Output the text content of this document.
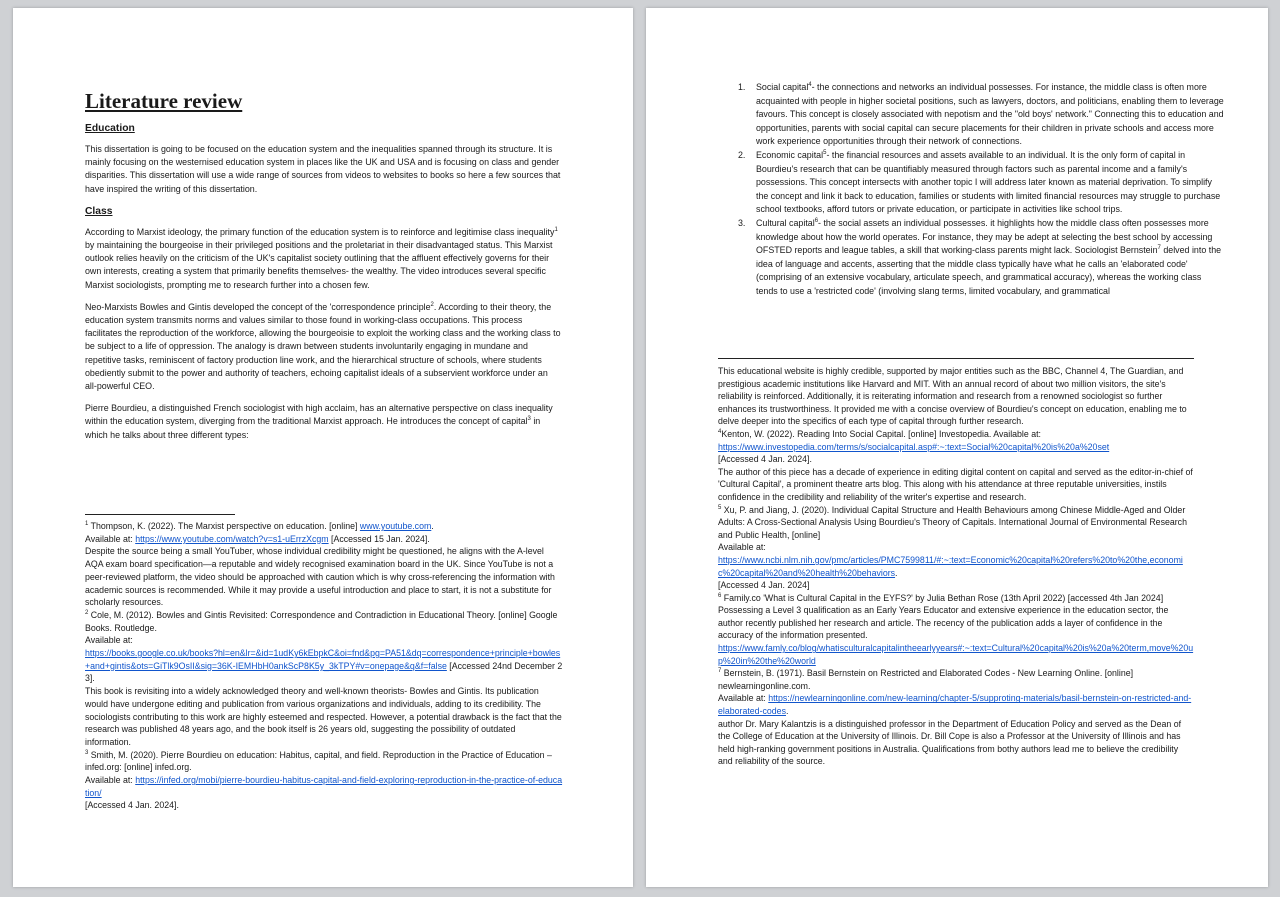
Literature review
Education

This dissertation is going to be focused on the education system and the inequalities spanned through its structure. It is mainly focusing on the westernised education system in places like the UK and USA and is focusing on class and gender disparities. This dissertation will use a wide range of sources from videos to websites to books so here a few sources that have inspired the writing of this dissertation.

Class

According to Marxist ideology, the primary function of the education system is to reinforce and legitimise class inequality$^1$ by maintaining the bourgeoise in their privileged positions and the proletariat in their disadvantaged status. This Marxist outlook relies heavily on the criticism of the UK's capitalist society outlining that the affluent effectively governs for their own interests, creating a system that primarily benefits themselves- the wealthy. The video introduces several specific Marxist sociologists, prompting me to research further into a chosen few.

Neo-Marxists Bowles and Gintis developed the concept of the 'correspondence principle$^2$. According to their theory, the education system transmits norms and values similar to those found in working-class occupations. This process facilitates the reproduction of the workforce, allowing the bourgeoisie to exploit the working class and the working class to be subject to a life of oppression. The analogy is drawn between students involuntarily engaging in mundane and repetitive tasks, reminiscent of factory production line work, and the hierarchical structure of schools, where students obediently submit to the power and authority of teachers, echoing capitalist ideals of a subservient workforce under an all-powerful CEO.

Pierre Bourdieu, a distinguished French sociologist with high acclaim, has an alternative perspective on class inequality within the education system, diverging from the traditional Marxist approach. He introduces the concept of capital$^3$ in which he talks about three different types:

$^1$ Thompson, K. (2022). The Marxist perspective on education. [online] www.youtube.com.

Available at: https://www.youtube.com/watch?v=s1-uErrzXcgm [Accessed 15 Jan. 2024].

Despite the source being a small YouTuber, whose individual credibility might be questioned, he aligns with the A-level AQA exam board specification—a reputable and widely recognised examination board in the UK. Since YouTube is not a peer-reviewed platform, the video should be approached with caution which is why cross-referencing the information with academic sources is recommended. While it may provide a useful introduction and place to start, it is not a substitute for scholarly resources.

$^2$ Cole, M. (2012). Bowles and Gintis Revisited: Correspondence and Contradiction in Educational Theory. [online] Google Books. Routledge.

Available at:

https://books.google.co.uk/books?hl=en&lr=&id=1udKy6kEbpkC&oi=fnd&pg=PA51&dq=correspondence+principle+bowles+and+gintis&ots=GiTlk9OsII&sig=36K-IEMHbH0ankScP8K5y_3kTPY#v=onepage&q&f=false [Accessed 24nd December 23].

This book is revisiting into a widely acknowledged theory and well-known theorists- Bowles and Gintis. Its publication would have undergone editing and publication from various organizations and individuals, adding to its credibility. The sociologists contributing to this work are highly esteemed and respected. However, a potential drawback is the fact that the research was published 48 years ago, and the book itself is 26 years old, suggesting the possibility of outdated information.

$^3$ Smith, M. (2020). Pierre Bourdieu on education: Habitus, capital, and field. Reproduction in the Practice of Education – infed.org: [online] infed.org.

Available at: https://infed.org/mobi/pierre-bourdieu-habitus-capital-and-field-exploring-reproduction-in-the-practice-of-education/

[Accessed 4 Jan. 2024].

1. Social capital$^4$- the connections and networks an individual possesses. For instance, the middle class is often more acquainted with people in higher societal positions, such as lawyers, doctors, and politicians, enabling them to leverage favours. This concept is closely associated with nepotism and the "old boys' network." Connecting this to education and opportunities, parents with social capital can secure placements for their children in private schools and access more work experience opportunities through their network of connections.
2. Economic capital$^5$- the financial resources and assets available to an individual. It is the only form of capital in Bourdieu's research that can be quantifiably measured through factors such as parental income and a family's possessions. This concept intersects with another topic I will address later known as material deprivation. To simplify the concept and link it back to education, families or students with limited financial resources may struggle to purchase school textbooks, afford tutors or private education, or participate in activities like school trips.
3. Cultural capital$^6$- the social assets an individual possesses. it highlights how the middle class often possesses more knowledge about how the world operates. For instance, they may be adept at selecting the best school by accessing OFSTED reports and league tables, a skill that working-class parents might lack. Sociologist Bernstein$^7$ delved into the idea of language and accents, asserting that the middle class typically have what he calls an 'elaborated code' (comprising of an extensive vocabulary, articulate speech, and grammatical accuracy), whereas the working class tends to use a 'restricted code' (involving slang terms, limited vocabulary, and grammatical

This educational website is highly credible, supported by major entities such as the BBC, Channel 4, The Guardian, and prestigious academic institutions like Harvard and MIT. With an annual record of about two million visitors, the site's reliability is reinforced. Additionally, it is reiterating information and research from a renowned sociologist so further enhances its trustworthiness. It provided me with a concise overview of Bourdieu's concept on education, enabling me to delve deeper into the specifics of each type of capital through further research.

$^4$Kenton, W. (2022). Reading Into Social Capital. [online] Investopedia. Available at:

https://www.investopedia.com/terms/s/socialcapital.asp#:~:text=Social%20capital%20is%20a%20set

[Accessed 4 Jan. 2024].

The author of this piece has a decade of experience in editing digital content on capital and served as the editor-in-chief of 'Cultural Capital', a prominent theatre arts blog. This along with his attendance at three reputable universities, instils confidence in the credibility and reliability of the writer's expertise and research.

$^5$ Xu, P. and Jiang, J. (2020). Individual Capital Structure and Health Behaviours among Chinese Middle-Aged and Older Adults: A Cross-Sectional Analysis Using Bourdieu's Theory of Capitals. International Journal of Environmental Research and Public Health, [online]

Available at:

https://www.ncbi.nlm.nih.gov/pmc/articles/PMC7599811/#:~:text=Economic%20capital%20refers%20to%20the,economic%20capital%20and%20health%20behaviors.

[Accessed 4 Jan. 2024]

$^6$ Family.co 'What is Cultural Capital in the EYFS?' by Julia Bethan Rose (13th April 2022) [accessed 4th Jan 2024]

Possessing a Level 3 qualification as an Early Years Educator and extensive experience in the education sector, the author recently published her research and article. The recency of the publication adds a layer of confidence in the accuracy of the information presented.

https://www.famly.co/blog/whatisculturalcapitalintheearlyyears#:~:text=Cultural%20capital%20is%20a%20term,move%20up%20in%20the%20world

$^7$ Bernstein, B. (1971). Basil Bernstein on Restricted and Elaborated Codes - New Learning Online. [online] newlearningonline.com.

Available at: https://newlearningonline.com/new-learning/chapter-5/supproting-materials/basil-bernstein-on-restricted-and-elaborated-codes.

author Dr. Mary Kalantzis is a distinguished professor in the Department of Education Policy and served as the Dean of the College of Education at the University of Illinois. Dr. Bill Cope is also a Professor at the University of Illinois and has held high-ranking government positions in Australia. Qualifications from bothy authors lead me to believe the credibility and reliability of the source.
